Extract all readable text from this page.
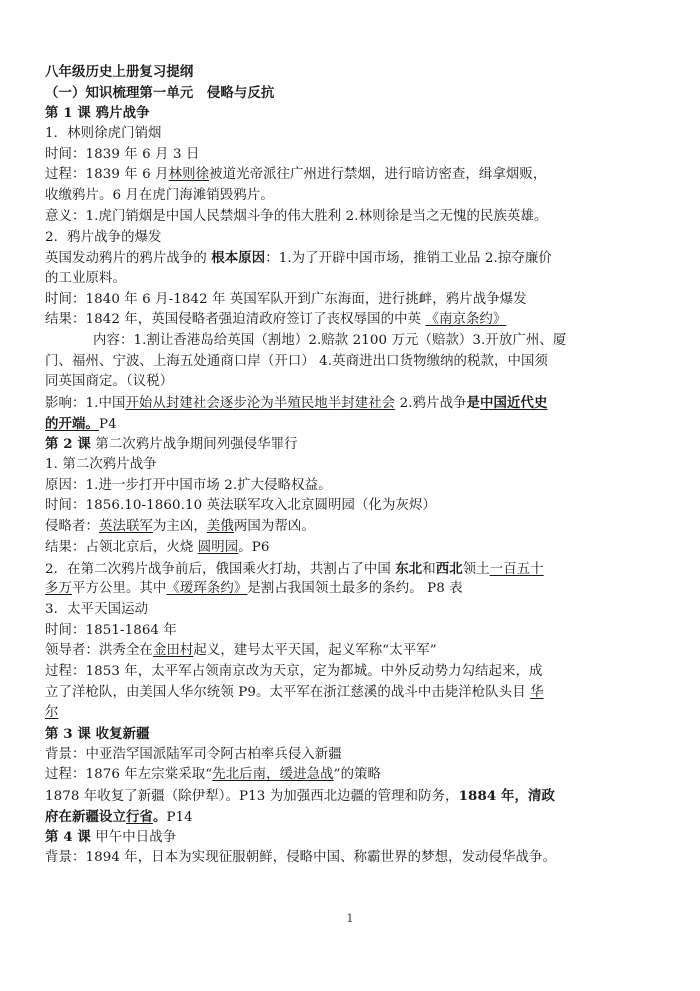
八年级历史上册复习提纲
（一）知识梳理第一单元　侵略与反抗
第 1 课 鸦片战争
1．林则徐虎门销烟
时间：1839 年 6 月 3 日
过程：1839 年 6 月林则徐被道光帝派往广州进行禁烟，进行暗访密查，缉拿烟贩，
收缴鸦片。6 月在虎门海滩销毁鸦片。
意义：1.虎门销烟是中国人民禁烟斗争的伟大胜利 2.林则徐是当之无愧的民族英雄。
2．鸦片战争的爆发
英国发动鸦片的鸦片战争的 根本原因：1.为了开辟中国市场，推销工业品 2.掠夺廉价
的工业原料。
时间：1840 年 6 月-1842 年 英国军队开到广东海面，进行挑衅，鸦片战争爆发
结果：1842 年，英国侵略者强迫清政府签订了丧权辱国的中英 《南京条约》
内容：1.割让香港岛给英国（割地）2.赔款 2100 万元（赔款）3.开放广州、厦
门、福州、宁波、上海五处通商口岸（开口） 4.英商进出口货物缴纳的税款，中国须
同英国商定。（议税）
影响：1.中国开始从封建社会逐步沦为半殖民地半封建社会 2.鸦片战争是中国近代史
的开端。P4
第 2 课 第二次鸦片战争期间列强侵华罪行
1. 第二次鸦片战争
原因：1.进一步打开中国市场 2.扩大侵略权益。
时间：1856.10-1860.10 英法联军攻入北京圆明园（化为灰烬）
侵略者：英法联军为主凶，美俄两国为帮凶。
结果：占领北京后，火烧 圆明园。P6
2．在第二次鸦片战争前后，俄国乘火打劫，共割占了中国 东北和西北领土一百五十
多万平方公里。其中《瑷珲条约》是割占我国领土最多的条约。 P8 表
3．太平天国运动
时间：1851-1864 年
领导者：洪秀全在金田村起义，建号太平天国，起义军称“太平军”
过程：1853 年，太平军占领南京改为天京，定为都城。中外反动势力勾结起来，成
立了洋枪队，由美国人华尔统领 P9。太平军在浙江慈溪的战斗中击毙洋枪队头目 华
尔
第 3 课 收复新疆
背景：中亚浩罕国派陆军司令阿古柏率兵侵入新疆
过程：1876 年左宗棠采取“先北后南，缓进急战”的策略
1878 年收复了新疆（除伊犁）。P13 为加强西北边疆的管理和防务，1884 年，清政
府在新疆设立行省。P14
第 4 课 甲午中日战争
背景：1894 年，日本为实现征服朝鲜，侵略中国、称霸世界的梦想，发动侵华战争。
1
